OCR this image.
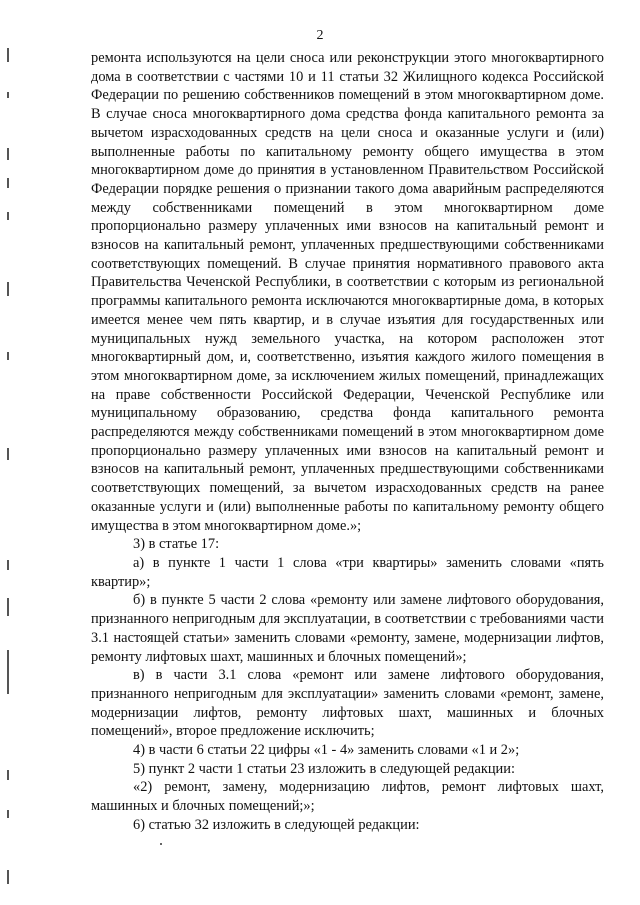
2

ремонта используются на цели сноса или реконструкции этого многоквартирного дома в соответствии с частями 10 и 11 статьи 32 Жилищного кодекса Российской Федерации по решению собственников помещений в этом многоквартирном доме. В случае сноса многоквартирного дома средства фонда капитального ремонта за вычетом израсходованных средств на цели сноса и оказанные услуги и (или) выполненные работы по капитальному ремонту общего имущества в этом многоквартирном доме до принятия в установленном Правительством Российской Федерации порядке решения о признании такого дома аварийным распределяются между собственниками помещений в этом многоквартирном доме пропорционально размеру уплаченных ими взносов на капитальный ремонт и взносов на капитальный ремонт, уплаченных предшествующими собственниками соответствующих помещений. В случае принятия нормативного правового акта Правительства Чеченской Республики, в соответствии с которым из региональной программы капитального ремонта исключаются многоквартирные дома, в которых имеется менее чем пять квартир, и в случае изъятия для государственных или муниципальных нужд земельного участка, на котором расположен этот многоквартирный дом, и, соответственно, изъятия каждого жилого помещения в этом многоквартирном доме, за исключением жилых помещений, принадлежащих на праве собственности Российской Федерации, Чеченской Республике или муниципальному образованию, средства фонда капитального ремонта распределяются между собственниками помещений в этом многоквартирном доме пропорционально размеру уплаченных ими взносов на капитальный ремонт и взносов на капитальный ремонт, уплаченных предшествующими собственниками соответствующих помещений, за вычетом израсходованных средств на ранее оказанные услуги и (или) выполненные работы по капитальному ремонту общего имущества в этом многоквартирном доме.»;

3) в статье 17:

а) в пункте 1 части 1 слова «три квартиры» заменить словами «пять квартир»;

б) в пункте 5 части 2 слова «ремонту или замене лифтового оборудования, признанного непригодным для эксплуатации, в соответствии с требованиями части 3.1 настоящей статьи» заменить словами «ремонту, замене, модернизации лифтов, ремонту лифтовых шахт, машинных и блочных помещений»;

в) в части 3.1 слова «ремонт или замене лифтового оборудования, признанного непригодным для эксплуатации» заменить словами «ремонт, замене, модернизации лифтов, ремонту лифтовых шахт, машинных и блочных помещений», второе предложение исключить;

4) в части 6 статьи 22 цифры «1 - 4» заменить словами «1 и 2»;

5) пункт 2 части 1 статьи 23 изложить в следующей редакции:

«2) ремонт, замену, модернизацию лифтов, ремонт лифтовых шахт, машинных и блочных помещений;»;

6) статью 32 изложить в следующей редакции:
